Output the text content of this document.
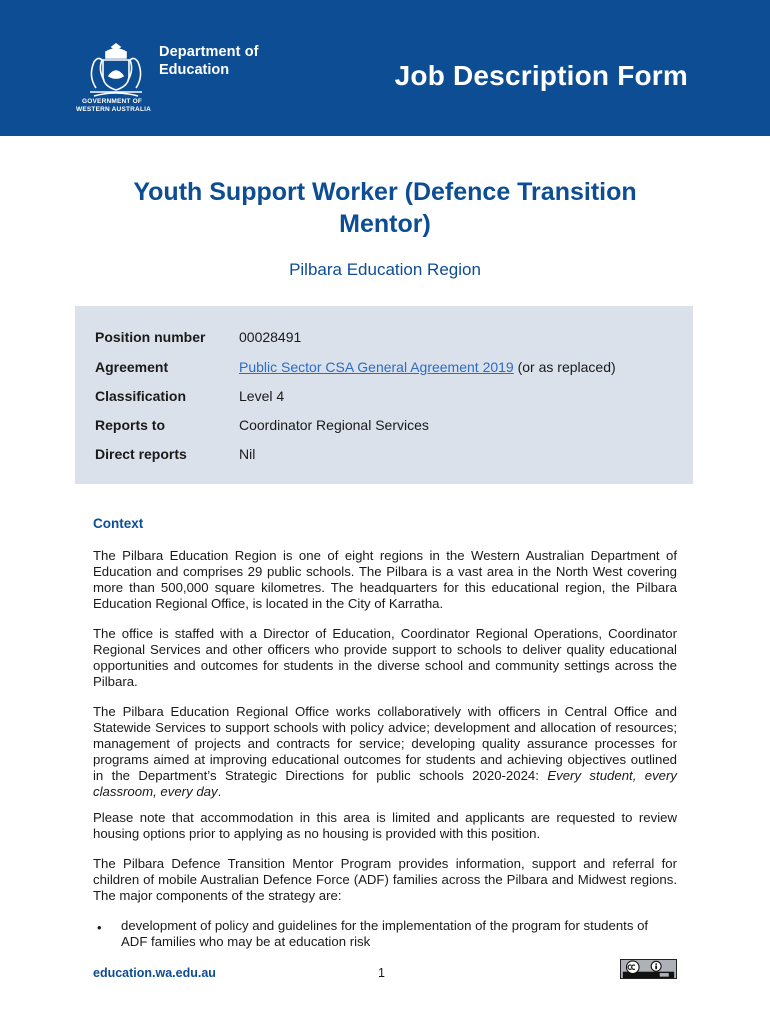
Department of
Education
GOVERNMENT OF
WESTERN AUSTRALIA
Job Description Form
Youth Support Worker (Defence Transition
Mentor)
Pilbara Education Region
Position number 00028491
Agreement	Public Sector CSA General Agreement 2019 (or as replaced)
Classification	Level 4
Reports to	Coordinator Regional Services
Direct reports	Nil
Context

The Pilbara Education Region is one of eight regions in the Western Australian Department of Education and comprises 29 public schools. The Pilbara is a vast area in the North West covering more than 500,000 square kilometres. The headquarters for this educational region, the Pilbara Education Regional Office, is located in the City of Karratha.

The office is staffed with a Director of Education, Coordinator Regional Operations, Coordinator Regional Services and other officers who provide support to schools to deliver quality educational opportunities and outcomes for students in the diverse school and community settings across the Pilbara.

The Pilbara Education Regional Office works collaboratively with officers in Central Office and Statewide Services to support schools with policy advice; development and allocation of resources; management of projects and contracts for service; developing quality assurance processes for programs aimed at improving educational outcomes for students and achieving objectives outlined in the Department’s Strategic Directions for public schools 2020-2024: Every student, every classroom, every day.

Please note that accommodation in this area is limited and applicants are requested to review housing options prior to applying as no housing is provided with this position.

The Pilbara Defence Transition Mentor Program provides information, support and referral for children of mobile Australian Defence Force (ADF) families across the Pilbara and Midwest regions. The major components of the strategy are:

• development of policy and guidelines for the implementation of the program for students of ADF families who may be at education risk

education.wa.edu.au	1
